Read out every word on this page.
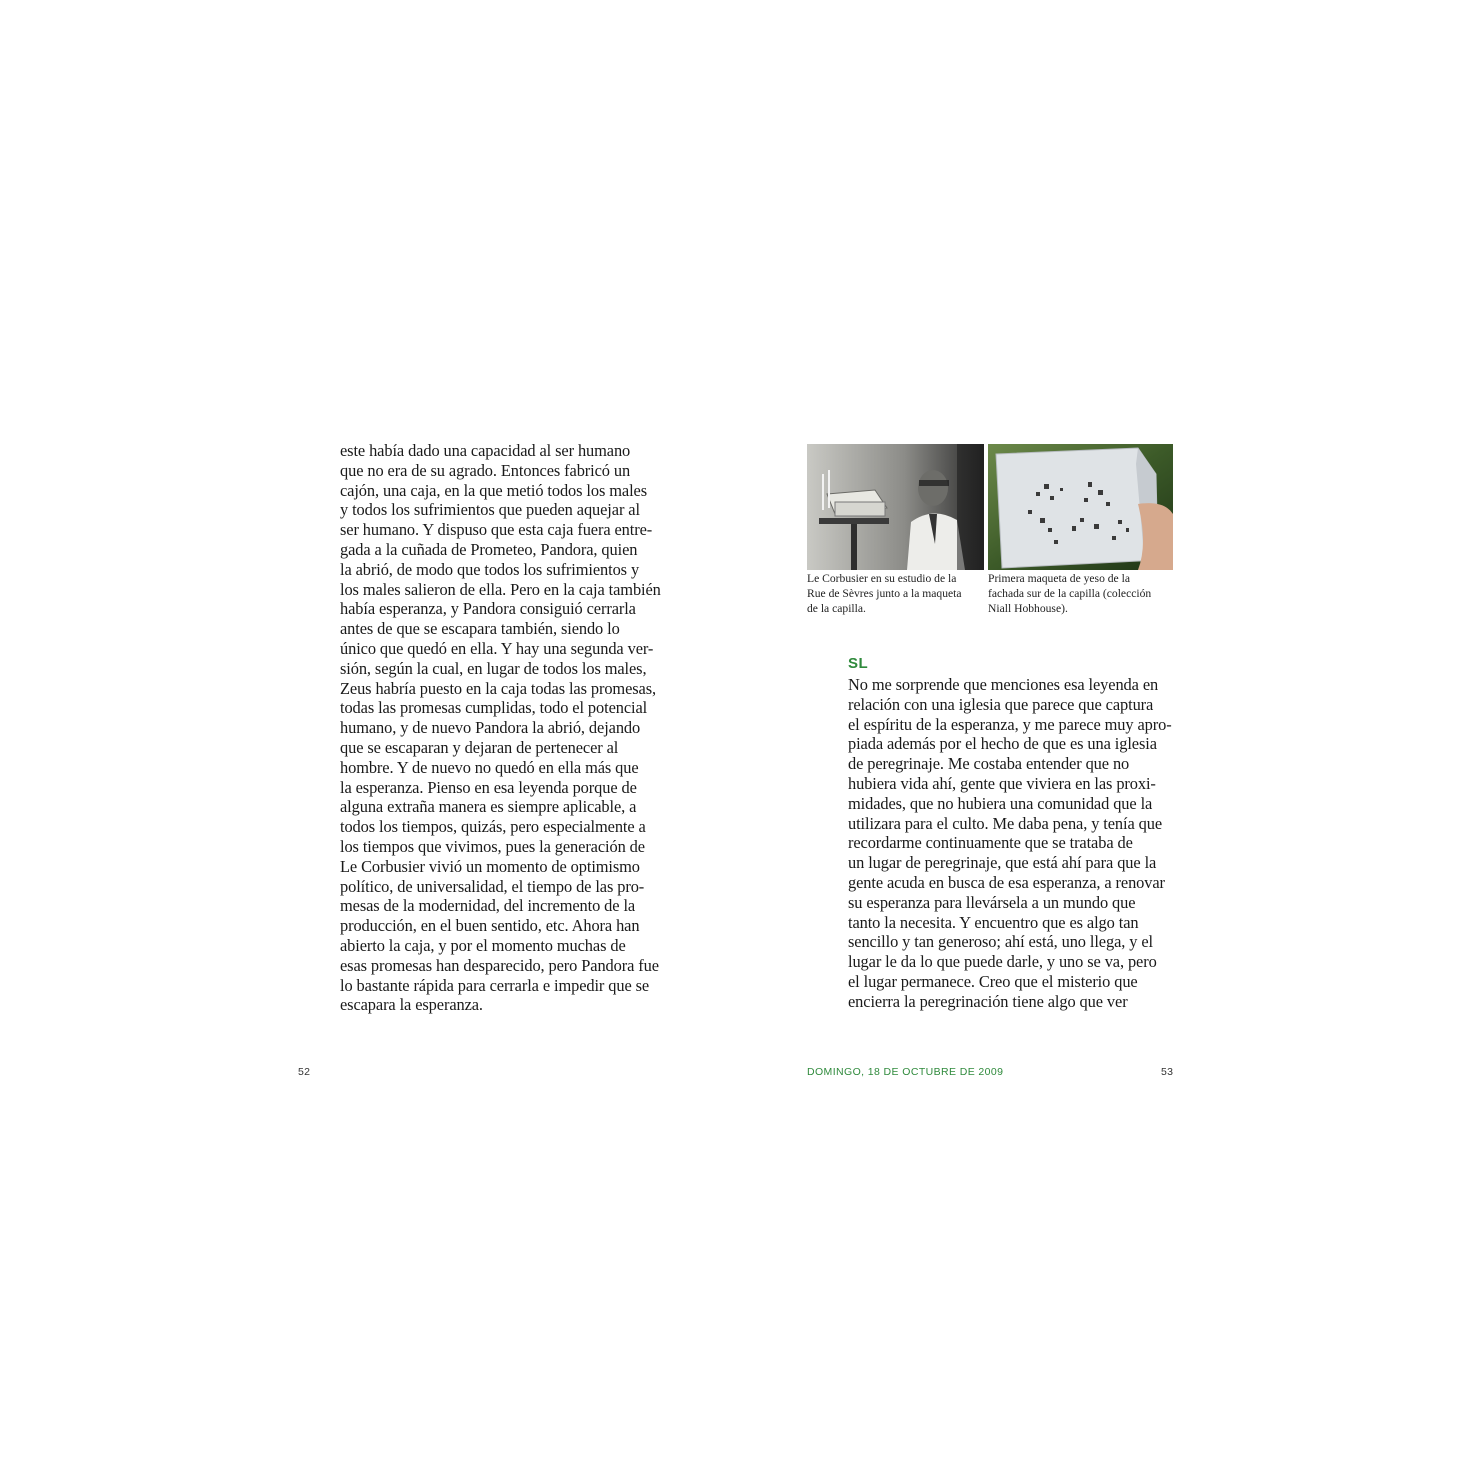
este había dado una capacidad al ser humano
que no era de su agrado. Entonces fabricó un
cajón, una caja, en la que metió todos los males
y todos los sufrimientos que pueden aquejar al
ser humano. Y dispuso que esta caja fuera entre-
gada a la cuñada de Prometeo, Pandora, quien
la abrió, de modo que todos los sufrimientos y
los males salieron de ella. Pero en la caja también
había esperanza, y Pandora consiguió cerrarla
antes de que se escapara también, siendo lo
único que quedó en ella. Y hay una segunda ver-
sión, según la cual, en lugar de todos los males,
Zeus habría puesto en la caja todas las promesas,
todas las promesas cumplidas, todo el potencial
humano, y de nuevo Pandora la abrió, dejando
que se escaparan y dejaran de pertenecer al
hombre. Y de nuevo no quedó en ella más que
la esperanza. Pienso en esa leyenda porque de
alguna extraña manera es siempre aplicable, a
todos los tiempos, quizás, pero especialmente a
los tiempos que vivimos, pues la generación de
Le Corbusier vivió un momento de optimismo
político, de universalidad, el tiempo de las pro-
mesas de la modernidad, del incremento de la
producción, en el buen sentido, etc. Ahora han
abierto la caja, y por el momento muchas de
esas promesas han desparecido, pero Pandora fue
lo bastante rápida para cerrarla e impedir que se
escapara la esperanza.
52
Le Corbusier en su estudio de la
Rue de Sèvres junto a la maqueta
de la capilla.
Primera maqueta de yeso de la
fachada sur de la capilla (colección
Niall Hobhouse).
SL
No me sorprende que menciones esa leyenda en
relación con una iglesia que parece que captura
el espíritu de la esperanza, y me parece muy apro-
piada además por el hecho de que es una iglesia
de peregrinaje. Me costaba entender que no
hubiera vida ahí, gente que viviera en las proxi-
midades, que no hubiera una comunidad que la
utilizara para el culto. Me daba pena, y tenía que
recordarme continuamente que se trataba de
un lugar de peregrinaje, que está ahí para que la
gente acuda en busca de esa esperanza, a renovar
su esperanza para llevársela a un mundo que
tanto la necesita. Y encuentro que es algo tan
sencillo y tan generoso; ahí está, uno llega, y el
lugar le da lo que puede darle, y uno se va, pero
el lugar permanece. Creo que el misterio que
encierra la peregrinación tiene algo que ver
DOMINGO, 18 DE OCTUBRE DE 2009	53
